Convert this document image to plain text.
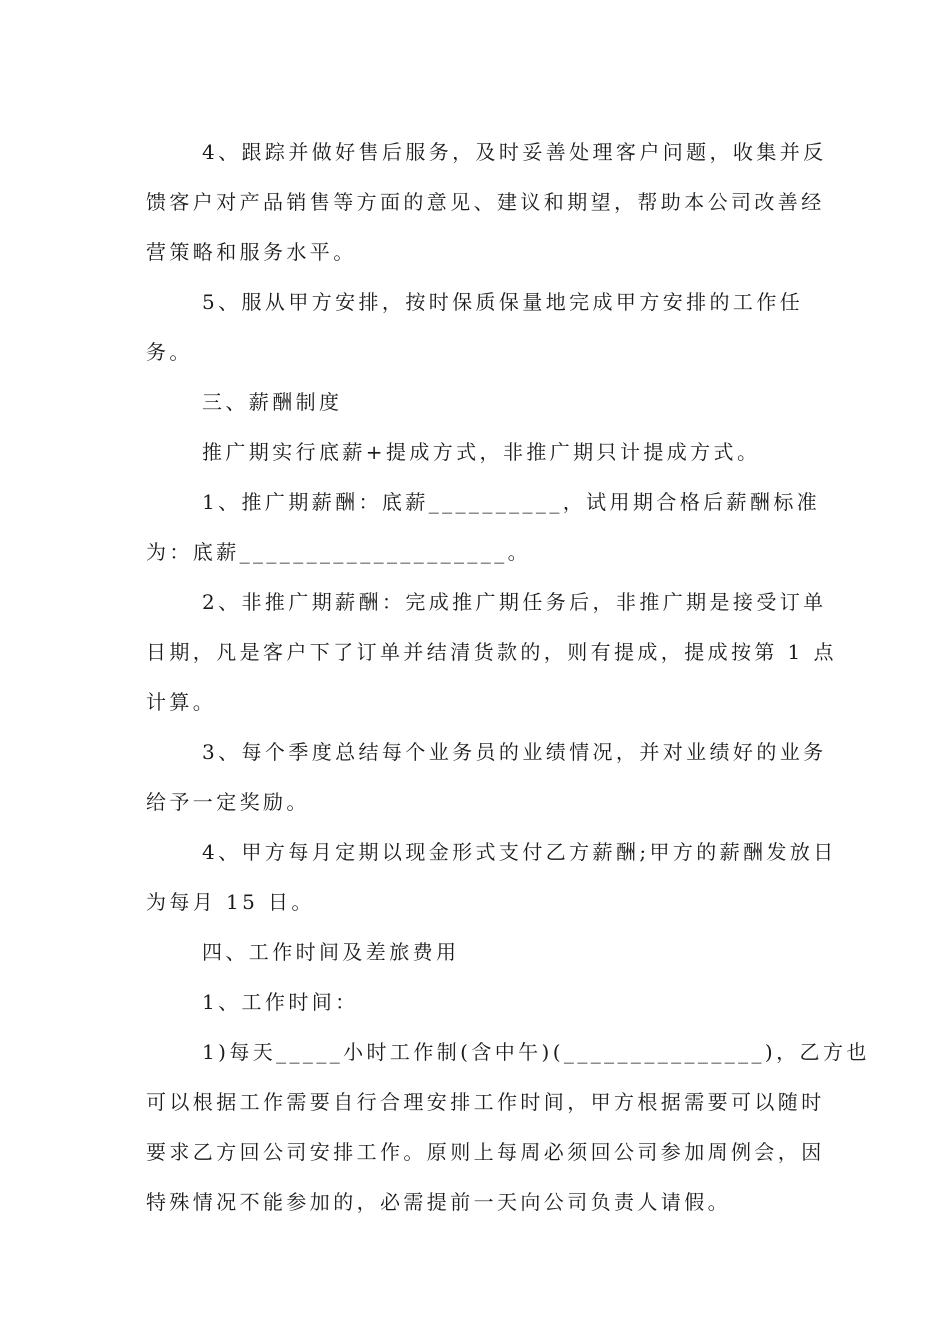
4、跟踪并做好售后服务，及时妥善处理客户问题，收集并反
馈客户对产品销售等方面的意见、建议和期望，帮助本公司改善经
营策略和服务水平。
5、服从甲方安排，按时保质保量地完成甲方安排的工作任
务。
三、薪酬制度
推广期实行底薪+提成方式，非推广期只计提成方式。
1、推广期薪酬：底薪__________，试用期合格后薪酬标准
为：底薪____________________。
2、非推广期薪酬：完成推广期任务后，非推广期是接受订单
日期，凡是客户下了订单并结清货款的，则有提成，提成按第 1 点
计算。
3、每个季度总结每个业务员的业绩情况，并对业绩好的业务
给予一定奖励。
4、甲方每月定期以现金形式支付乙方薪酬;甲方的薪酬发放日
为每月 15 日。
四、工作时间及差旅费用
1、工作时间：
1)每天_____小时工作制(含中午)(_______________)，乙方也
可以根据工作需要自行合理安排工作时间，甲方根据需要可以随时
要求乙方回公司安排工作。原则上每周必须回公司参加周例会，因
特殊情况不能参加的，必需提前一天向公司负责人请假。
